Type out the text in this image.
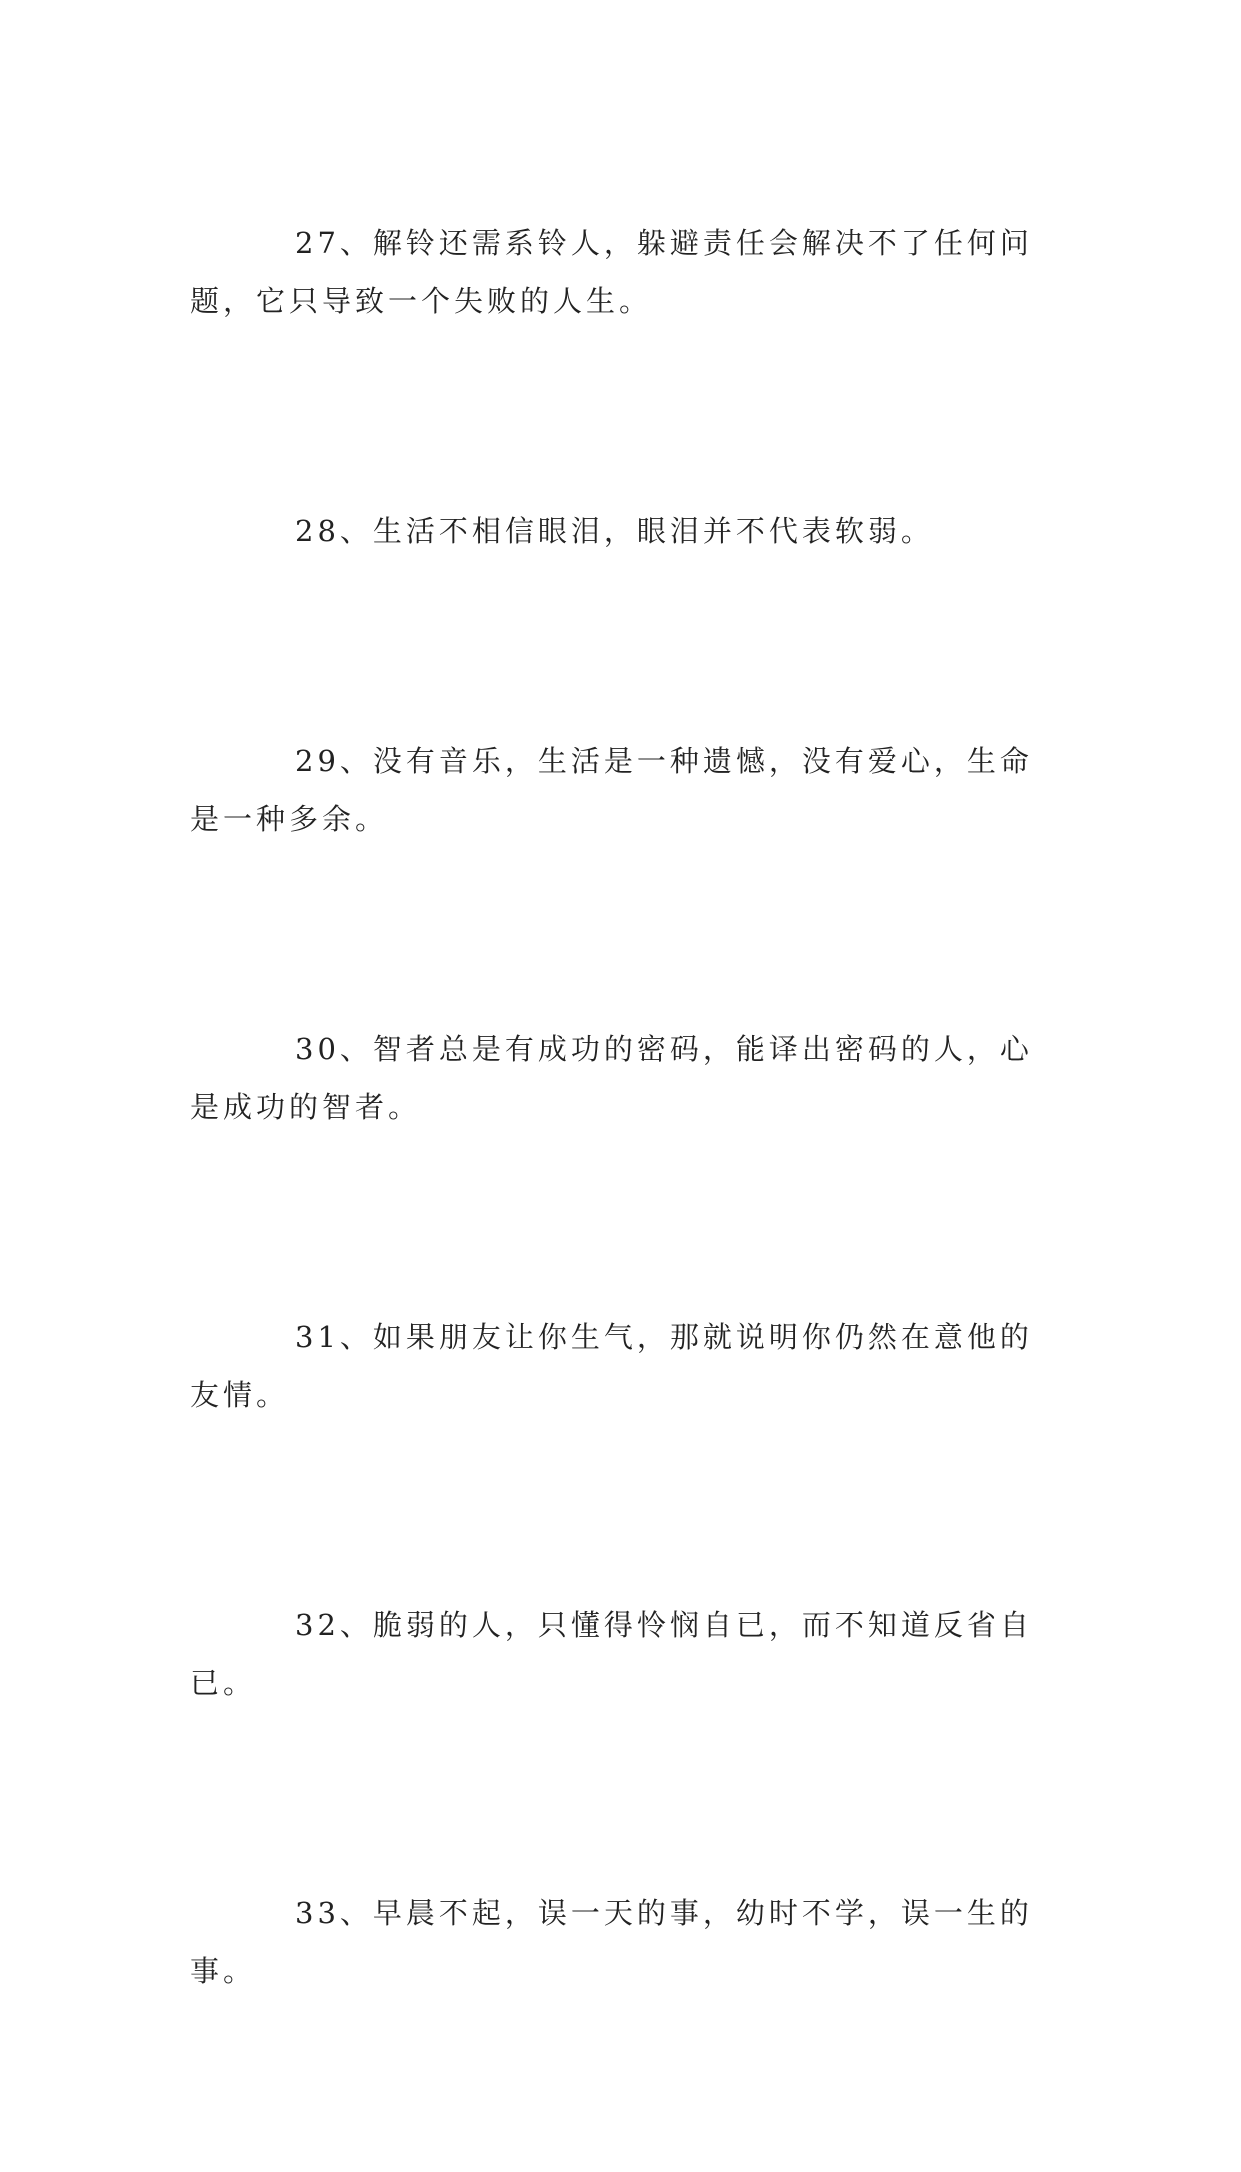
27、解铃还需系铃人，躲避责任会解决不了任何问题，它只导致一个失败的人生。

28、生活不相信眼泪，眼泪并不代表软弱。

29、没有音乐，生活是一种遗憾，没有爱心，生命是一种多余。

30、智者总是有成功的密码，能译出密码的人，心是成功的智者。

31、如果朋友让你生气，那就说明你仍然在意他的友情。

32、脆弱的人，只懂得怜悯自已，而不知道反省自已。

33、早晨不起，误一天的事，幼时不学，误一生的事。
